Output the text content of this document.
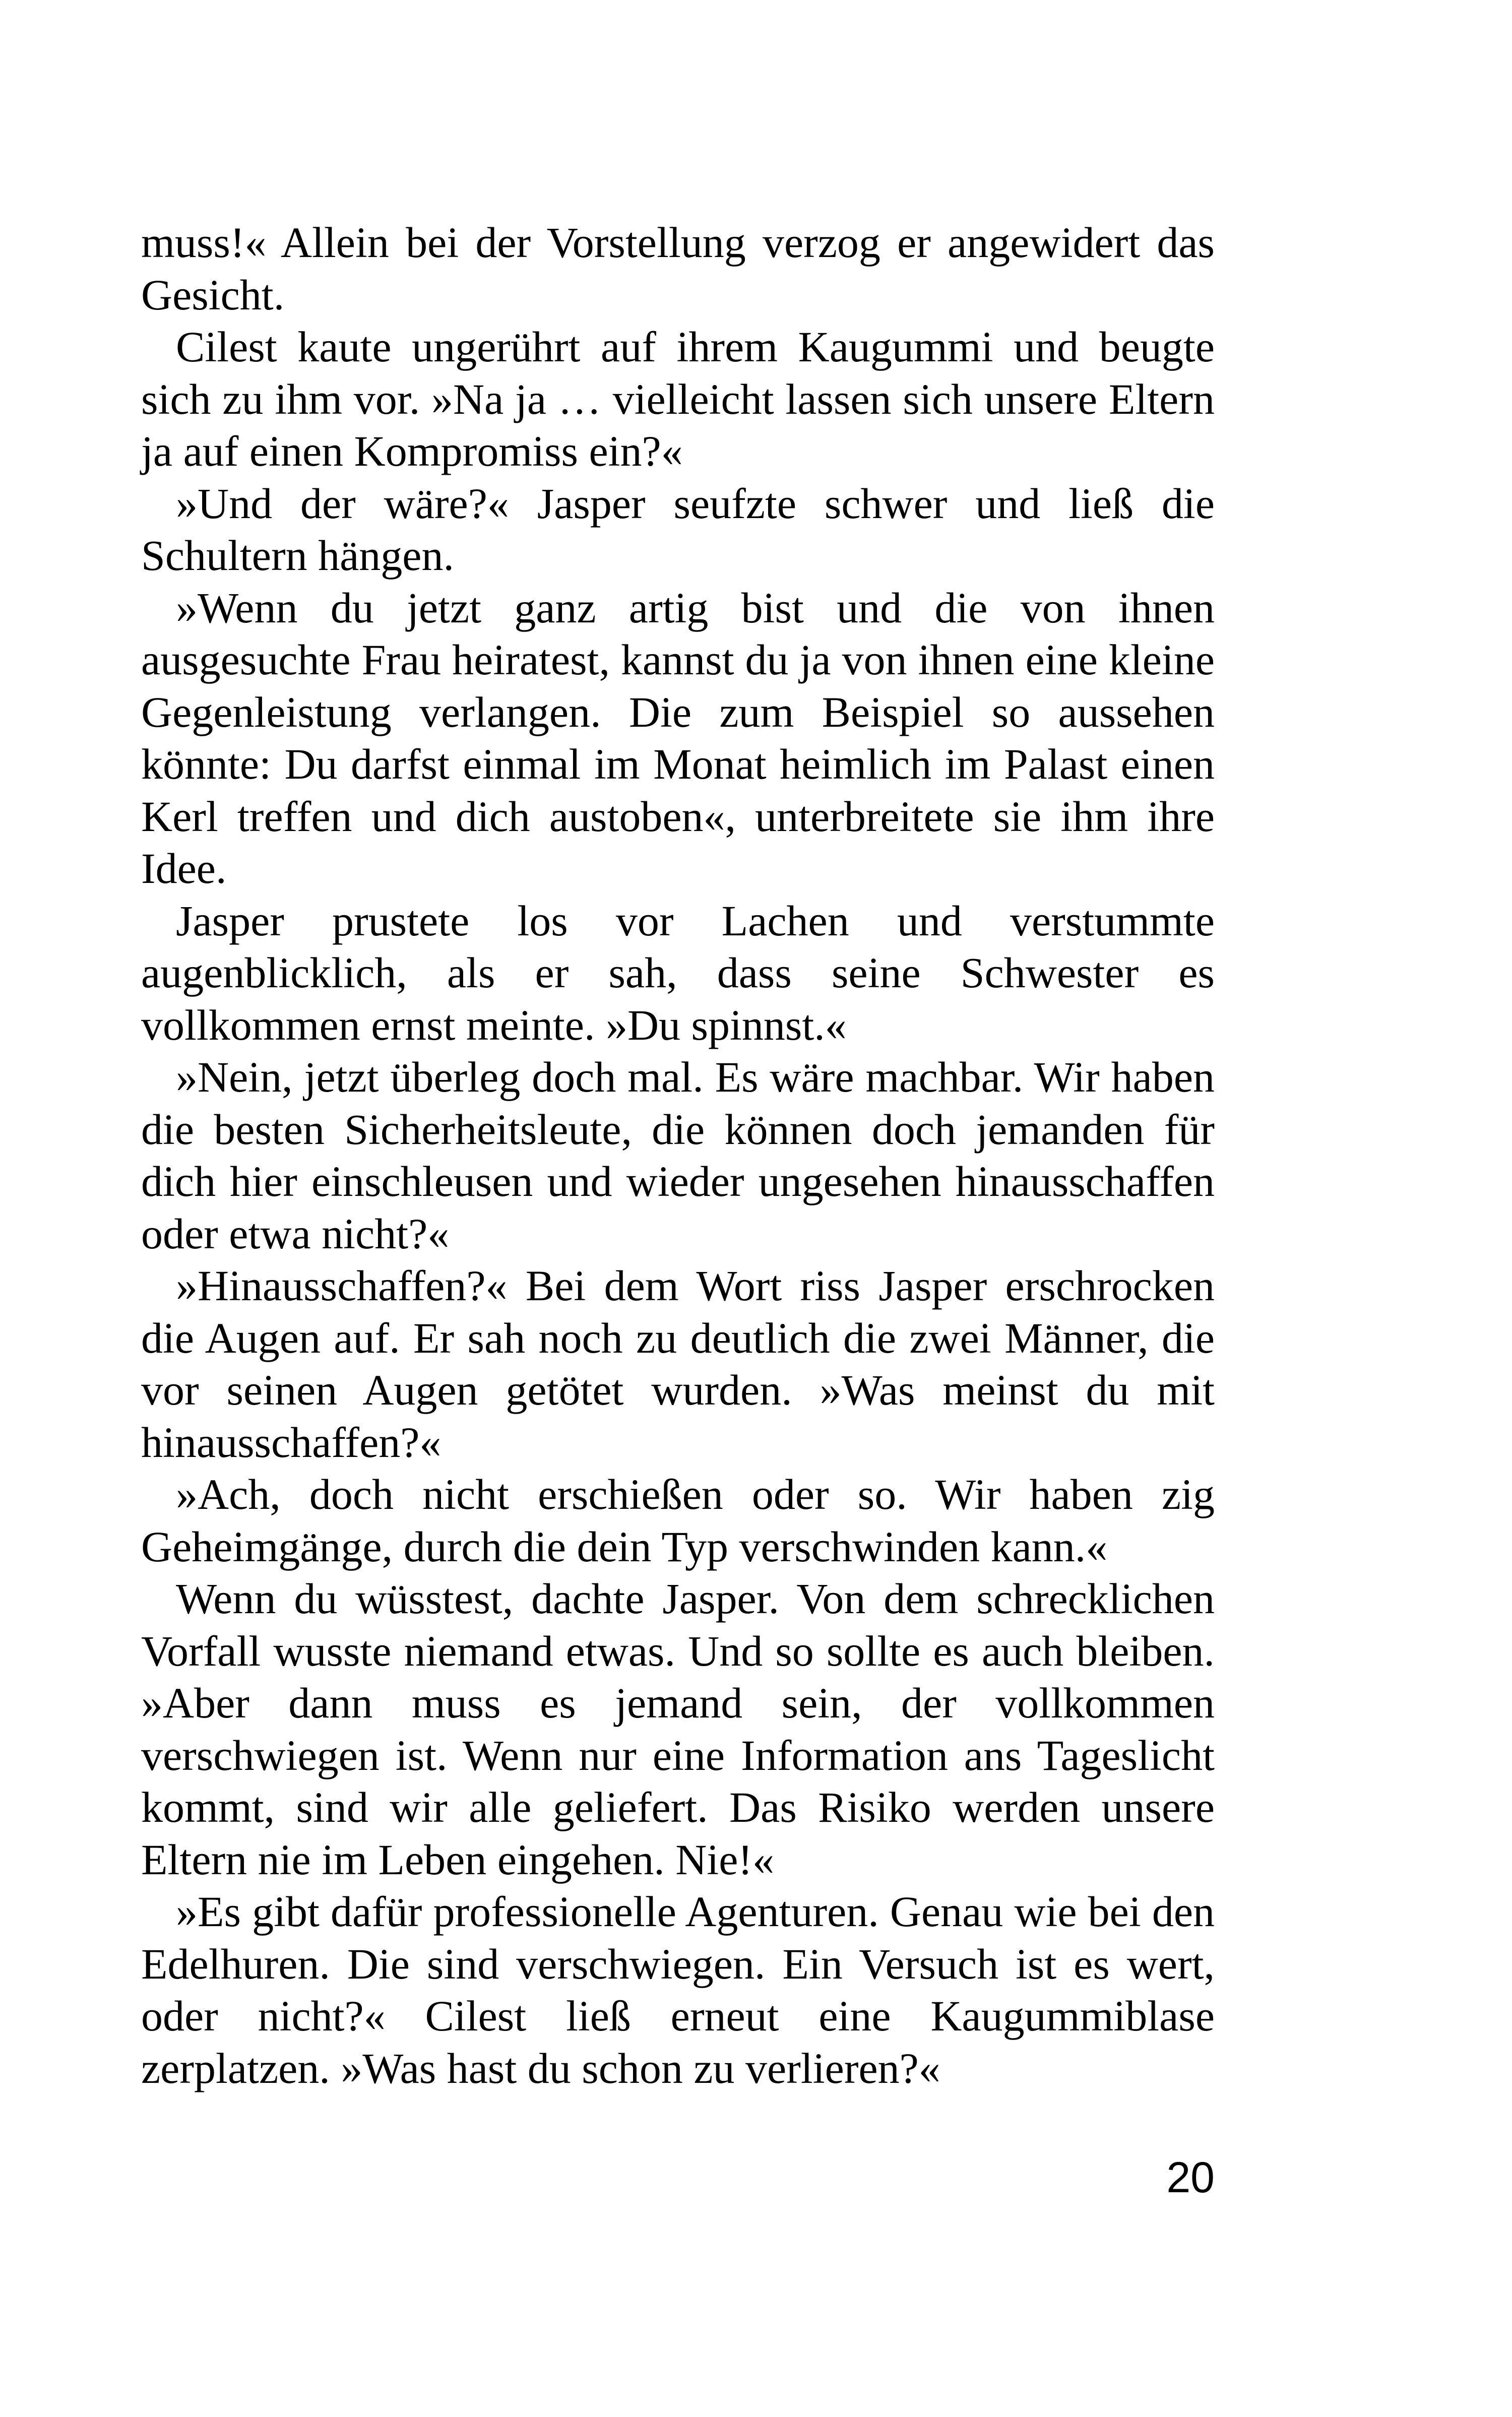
muss!« Allein bei der Vorstellung verzog er angewidert das Gesicht.

Cilest kaute ungerührt auf ihrem Kaugummi und beugte sich zu ihm vor. »Na ja … vielleicht lassen sich unsere Eltern ja auf einen Kompromiss ein?«

»Und der wäre?« Jasper seufzte schwer und ließ die Schultern hängen.

»Wenn du jetzt ganz artig bist und die von ihnen ausgesuchte Frau heiratest, kannst du ja von ihnen eine kleine Gegenleistung verlangen. Die zum Beispiel so aussehen könnte: Du darfst einmal im Monat heimlich im Palast einen Kerl treffen und dich austoben«, unterbreitete sie ihm ihre Idee.

Jasper prustete los vor Lachen und verstummte augenblicklich, als er sah, dass seine Schwester es vollkommen ernst meinte. »Du spinnst.«

»Nein, jetzt überleg doch mal. Es wäre machbar. Wir haben die besten Sicherheitsleute, die können doch jemanden für dich hier einschleusen und wieder ungesehen hinausschaffen oder etwa nicht?«

»Hinausschaffen?« Bei dem Wort riss Jasper erschrocken die Augen auf. Er sah noch zu deutlich die zwei Männer, die vor seinen Augen getötet wurden. »Was meinst du mit hinausschaffen?«

»Ach, doch nicht erschießen oder so. Wir haben zig Geheimgänge, durch die dein Typ verschwinden kann.«

Wenn du wüsstest, dachte Jasper. Von dem schrecklichen Vorfall wusste niemand etwas. Und so sollte es auch bleiben. »Aber dann muss es jemand sein, der vollkommen verschwiegen ist. Wenn nur eine Information ans Tageslicht kommt, sind wir alle geliefert. Das Risiko werden unsere Eltern nie im Leben eingehen. Nie!«

»Es gibt dafür professionelle Agenturen. Genau wie bei den Edelhuren. Die sind verschwiegen. Ein Versuch ist es wert, oder nicht?« Cilest ließ erneut eine Kaugummiblase zerplatzen. »Was hast du schon zu verlieren?«

20
